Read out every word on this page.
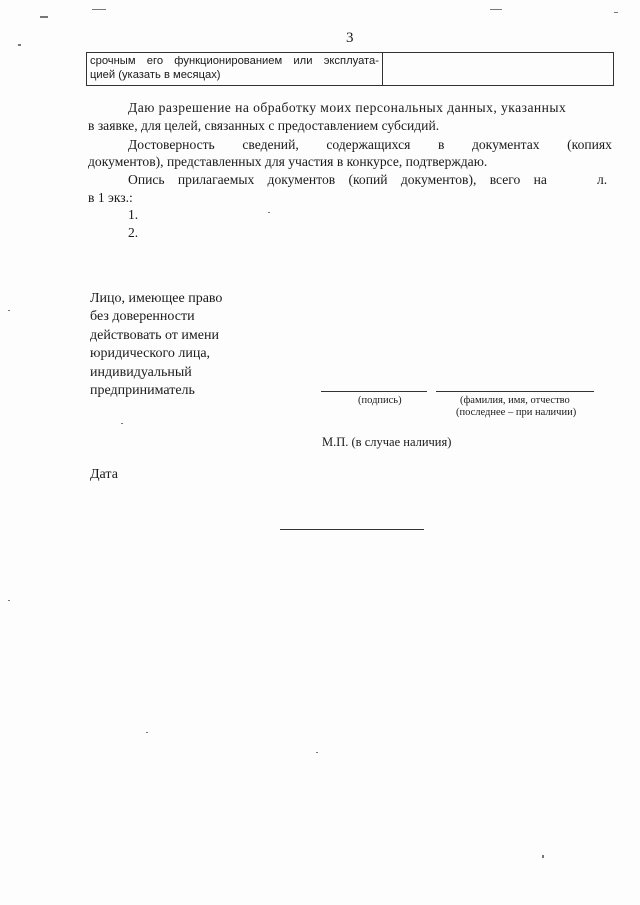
3
срочным его функционированием или эксплуата-
цией (указать в месяцах)
Даю разрешение на обработку моих персональных данных, указанных
в заявке, для целей, связанных с предоставлением субсидий.
Достоверность сведений, содержащихся в документах (копиях
документов), представленных для участия в конкурсе, подтверждаю.
Опись прилагаемых документов (копий документов), всего на	л.
в 1 экз.:
1.
2.
Лицо, имеющее право
без доверенности
действовать от имени
юридического лица,
индивидуальный
предприниматель
(подпись)	(фамилия, имя, отчество
(последнее – при наличии)
М.П. (в случае наличия)
Дата
